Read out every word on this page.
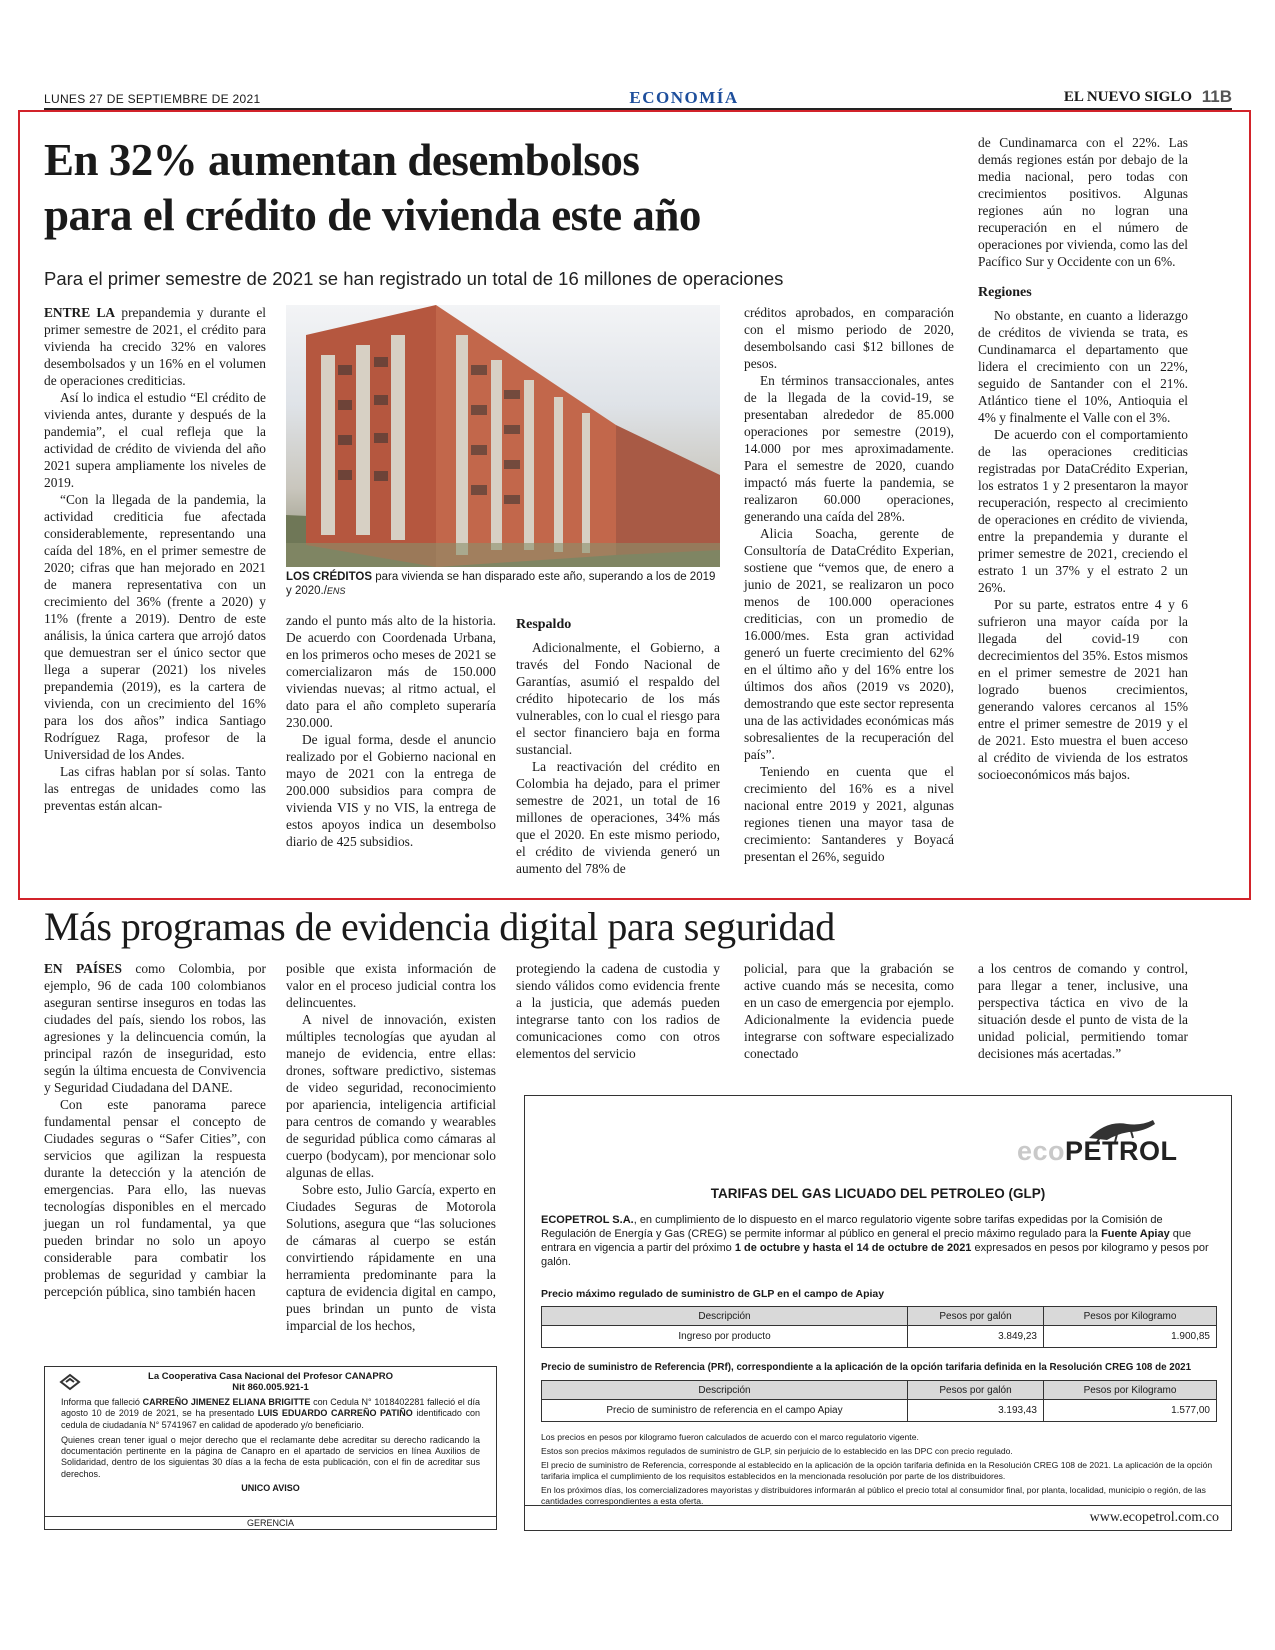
LUNES 27 DE SEPTIEMBRE DE 2021	ECONOMÍA	EL NUEVO SIGLO 11B
En 32% aumentan desembolsos
para el crédito de vivienda este año
Para el primer semestre de 2021 se han registrado un total de 16 millones de operaciones

ENTRE LA prepandemia y durante el primer semestre de 2021, el crédito para vivienda ha crecido 32% en valores desembolsados y un 16% en el volumen de operaciones crediticias.

Así lo indica el estudio “El crédito de vivienda antes, durante y después de la pandemia”, el cual refleja que la actividad de crédito de vivienda del año 2021 supera ampliamente los niveles de 2019.

“Con la llegada de la pandemia, la actividad crediticia fue afectada considerablemente, representando una caída del 18%, en el primer semestre de 2020; cifras que han mejorado en 2021 de manera representativa con un crecimiento del 36% (frente a 2020) y 11% (frente a 2019). Dentro de este análisis, la única cartera que arrojó datos que demuestran ser el único sector que llega a superar (2021) los niveles prepandemia (2019), es la cartera de vivienda, con un crecimiento del 16% para los dos años” indica Santiago Rodríguez Raga, profesor de la Universidad de los Andes.

Las cifras hablan por sí solas. Tanto las entregas de unidades como las preventas están alcan-

LOS CRÉDITOS para vivienda se han disparado este año, superando a los de 2019 y 2020./ENS

zando el punto más alto de la historia. De acuerdo con Coordenada Urbana, en los primeros ocho meses de 2021 se comercializaron más de 150.000 viviendas nuevas; al ritmo actual, el dato para el año completo superaría 230.000.

De igual forma, desde el anuncio realizado por el Gobierno nacional en mayo de 2021 con la entrega de 200.000 subsidios para compra de vivienda VIS y no VIS, la entrega de estos apoyos indica un desembolso diario de 425 subsidios.

Respaldo

Adicionalmente, el Gobierno, a través del Fondo Nacional de Garantías, asumió el respaldo del crédito hipotecario de los más vulnerables, con lo cual el riesgo para el sector financiero baja en forma sustancial.

La reactivación del crédito en Colombia ha dejado, para el primer semestre de 2021, un total de 16 millones de operaciones, 34% más que el 2020. En este mismo periodo, el crédito de vivienda generó un aumento del 78% de

créditos aprobados, en comparación con el mismo periodo de 2020, desembolsando casi $12 billones de pesos.

En términos transaccionales, antes de la llegada de la covid-19, se presentaban alrededor de 85.000 operaciones por semestre (2019), 14.000 por mes aproximadamente. Para el semestre de 2020, cuando impactó más fuerte la pandemia, se realizaron 60.000 operaciones, generando una caída del 28%.

Alicia Soacha, gerente de Consultoría de DataCrédito Experian, sostiene que “vemos que, de enero a junio de 2021, se realizaron un poco menos de 100.000 operaciones crediticias, con un promedio de 16.000/mes. Esta gran actividad generó un fuerte crecimiento del 62% en el último año y del 16% entre los últimos dos años (2019 vs 2020), demostrando que este sector representa una de las actividades económicas más sobresalientes de la recuperación del país”.

Teniendo en cuenta que el crecimiento del 16% es a nivel nacional entre 2019 y 2021, algunas regiones tienen una mayor tasa de crecimiento: Santanderes y Boyacá presentan el 26%, seguido

de Cundinamarca con el 22%. Las demás regiones están por debajo de la media nacional, pero todas con crecimientos positivos. Algunas regiones aún no logran una recuperación en el número de operaciones por vivienda, como las del Pacífico Sur y Occidente con un 6%.

Regiones

No obstante, en cuanto a liderazgo de créditos de vivienda se trata, es Cundinamarca el departamento que lidera el crecimiento con un 22%, seguido de Santander con el 21%. Atlántico tiene el 10%, Antioquia el 4% y finalmente el Valle con el 3%.

De acuerdo con el comportamiento de las operaciones crediticias registradas por DataCrédito Experian, los estratos 1 y 2 presentaron la mayor recuperación, respecto al crecimiento de operaciones en crédito de vivienda, entre la prepandemia y durante el primer semestre de 2021, creciendo el estrato 1 un 37% y el estrato 2 un 26%.

Por su parte, estratos entre 4 y 6 sufrieron una mayor caída por la llegada del covid-19 con decrecimientos del 35%. Estos mismos en el primer semestre de 2021 han logrado buenos crecimientos, generando valores cercanos al 15% entre el primer semestre de 2019 y el de 2021. Esto muestra el buen acceso al crédito de vivienda de los estratos socioeconómicos más bajos.

Más programas de evidencia digital para seguridad

EN PAÍSES como Colombia, por ejemplo, 96 de cada 100 colombianos aseguran sentirse inseguros en todas las ciudades del país, siendo los robos, las agresiones y la delincuencia común, la principal razón de inseguridad, esto según la última encuesta de Convivencia y Seguridad Ciudadana del DANE.

Con este panorama parece fundamental pensar el concepto de Ciudades seguras o “Safer Cities”, con servicios que agilizan la respuesta durante la detección y la atención de emergencias. Para ello, las nuevas tecnologías disponibles en el mercado juegan un rol fundamental, ya que pueden brindar no solo un apoyo considerable para combatir los problemas de seguridad y cambiar la percepción pública, sino también hacen

posible que exista información de valor en el proceso judicial contra los delincuentes.

A nivel de innovación, existen múltiples tecnologías que ayudan al manejo de evidencia, entre ellas: drones, software predictivo, sistemas de video seguridad, reconocimiento por apariencia, inteligencia artificial para centros de comando y wearables de seguridad pública como cámaras al cuerpo (bodycam), por mencionar solo algunas de ellas.

Sobre esto, Julio García, experto en Ciudades Seguras de Motorola Solutions, asegura que “las soluciones de cámaras al cuerpo se están convirtiendo rápidamente en una herramienta predominante para la captura de evidencia digital en campo, pues brindan un punto de vista imparcial de los hechos,

protegiendo la cadena de custodia y siendo válidos como evidencia frente a la justicia, que además pueden integrarse tanto con los radios de comunicaciones como con otros elementos del servicio

policial, para que la grabación se active cuando más se necesita, como en un caso de emergencia por ejemplo. Adicionalmente la evidencia puede integrarse con software especializado conectado

a los centros de comando y control, para llegar a tener, inclusive, una perspectiva táctica en vivo de la situación desde el punto de vista de la unidad policial, permitiendo tomar decisiones más acertadas.”

La Cooperativa Casa Nacional del Profesor CANAPRO
Nit 860.005.921-1

Informa que falleció CARREÑO JIMENEZ ELIANA BRIGITTE con Cedula N° 1018402281 falleció el día agosto 10 de 2019 de 2021, se ha presentado LUIS EDUARDO CARREÑO PATIÑO identificado con cedula de ciudadanía N° 5741967 en calidad de apoderado y/o beneficiario.

Quienes crean tener igual o mejor derecho que el reclamante debe acreditar su derecho radicando la documentación pertinente en la página de Canapro en el apartado de servicios en línea Auxilios de Solidaridad, dentro de los siguientas 30 días a la fecha de esta publicación, con el fin de acreditar sus derechos.

UNICO AVISO
GERENCIA
ecoPETROL
TARIFAS DEL GAS LICUADO DEL PETROLEO (GLP)
ECOPETROL S.A., en cumplimiento de lo dispuesto en el marco regulatorio vigente sobre tarifas expedidas por la Comisión de Regulación de Energía y Gas (CREG) se permite informar al público en general el precio máximo regulado para la Fuente Apiay que entrara en vigencia a partir del próximo 1 de octubre y hasta el 14 de octubre de 2021 expresados en pesos por kilogramo y pesos por galón.
Precio máximo regulado de suministro de GLP en el campo de Apiay
Descripción	Pesos por galón	Pesos por Kilogramo
Ingreso por producto	3.849,23	1.900,85
Precio de suministro de Referencia (PRf), correspondiente a la aplicación de la opción tarifaria definida en la Resolución CREG 108 de 2021
Descripción	Pesos por galón	Pesos por Kilogramo
Precio de suministro de referencia en el campo Apiay	3.193,43	1.577,00

Los precios en pesos por kilogramo fueron calculados de acuerdo con el marco regulatorio vigente.

Estos son precios máximos regulados de suministro de GLP, sin perjuicio de lo establecido en las DPC con precio regulado.

El precio de suministro de Referencia, corresponde al establecido en la aplicación de la opción tarifaria definida en la Resolución CREG 108 de 2021. La aplicación de la opción tarifaria implica el cumplimiento de los requisitos establecidos en la mencionada resolución por parte de los distribuidores.

En los próximos días, los comercializadores mayoristas y distribuidores informarán al público el precio total al consumidor final, por planta, localidad, municipio o región, de las cantidades correspondientes a esta oferta.

www.ecopetrol.com.co
